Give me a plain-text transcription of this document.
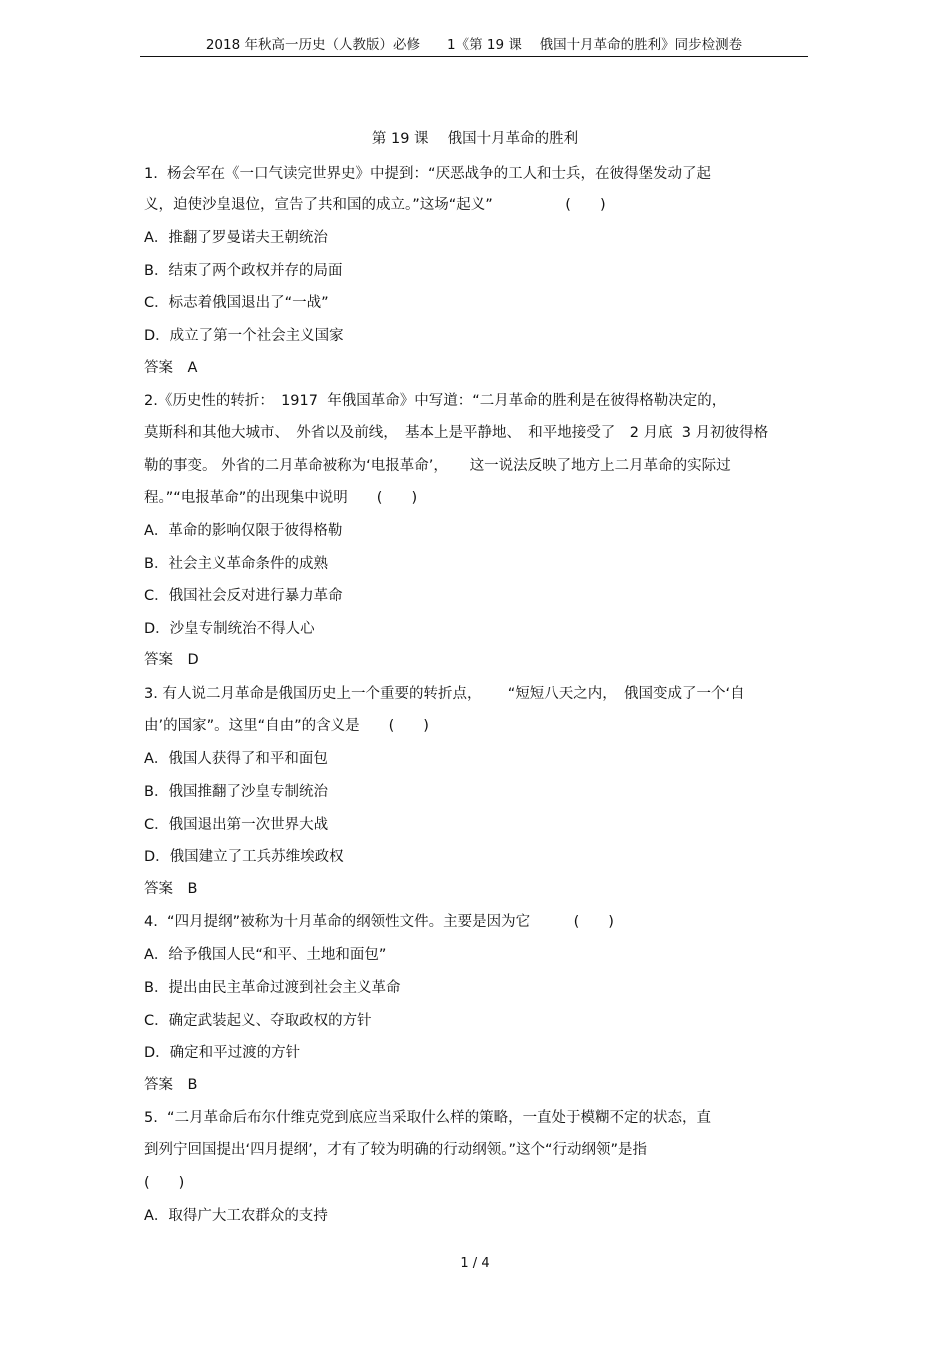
2018 年秋高一历史（人教版）必修　　1《第 19 课　 俄国十月革命的胜利》同步检测卷
第 19 课　 俄国十月革命的胜利
1.  杨会军在《一口气读完世界史》中提到：“厌恶战争的工人和士兵，在彼得堡发动了起
义，迫使沙皇退位，宣告了共和国的成立。”这场“起义”　　　　　(　　)
A．推翻了罗曼诺夫王朝统治
B．结束了两个政权并存的局面
C．标志着俄国退出了“一战”
D．成立了第一个社会主义国家
答案　A
2.《历史性的转折：　1917  年俄国革命》中写道：“二月革命的胜利是在彼得格勒决定的，
莫斯科和其他大城市、　外省以及前线，　基本上是平静地、　和平地接受了　2 月底  3 月初彼得格
勒的事变。 外省的二月革命被称为‘电报革命’，　　这一说法反映了地方上二月革命的实际过
程。”“电报革命”的出现集中说明　　(　　)
A．革命的影响仅限于彼得格勒
B．社会主义革命条件的成熟
C．俄国社会反对进行暴力革命
D．沙皇专制统治不得人心
答案　D
3. 有人说二月革命是俄国历史上一个重要的转折点，　　 “短短八天之内，　俄国变成了一个‘自
由’的国家”。这里“自由”的含义是　　(　　)
A．俄国人获得了和平和面包
B．俄国推翻了沙皇专制统治
C．俄国退出第一次世界大战
D．俄国建立了工兵苏维埃政权
答案　B
4.  “四月提纲”被称为十月革命的纲领性文件。主要是因为它　　　(　　)
A．给予俄国人民“和平、土地和面包”
B．提出由民主革命过渡到社会主义革命
C．确定武装起义、夺取政权的方针
D．确定和平过渡的方针
答案　B
5.  “二月革命后布尔什维克党到底应当采取什么样的策略，一直处于模糊不定的状态，直
到列宁回国提出‘四月提纲’，才有了较为明确的行动纲领。”这个“行动纲领”是指
(　　)
A．取得广大工农群众的支持
1 / 4
